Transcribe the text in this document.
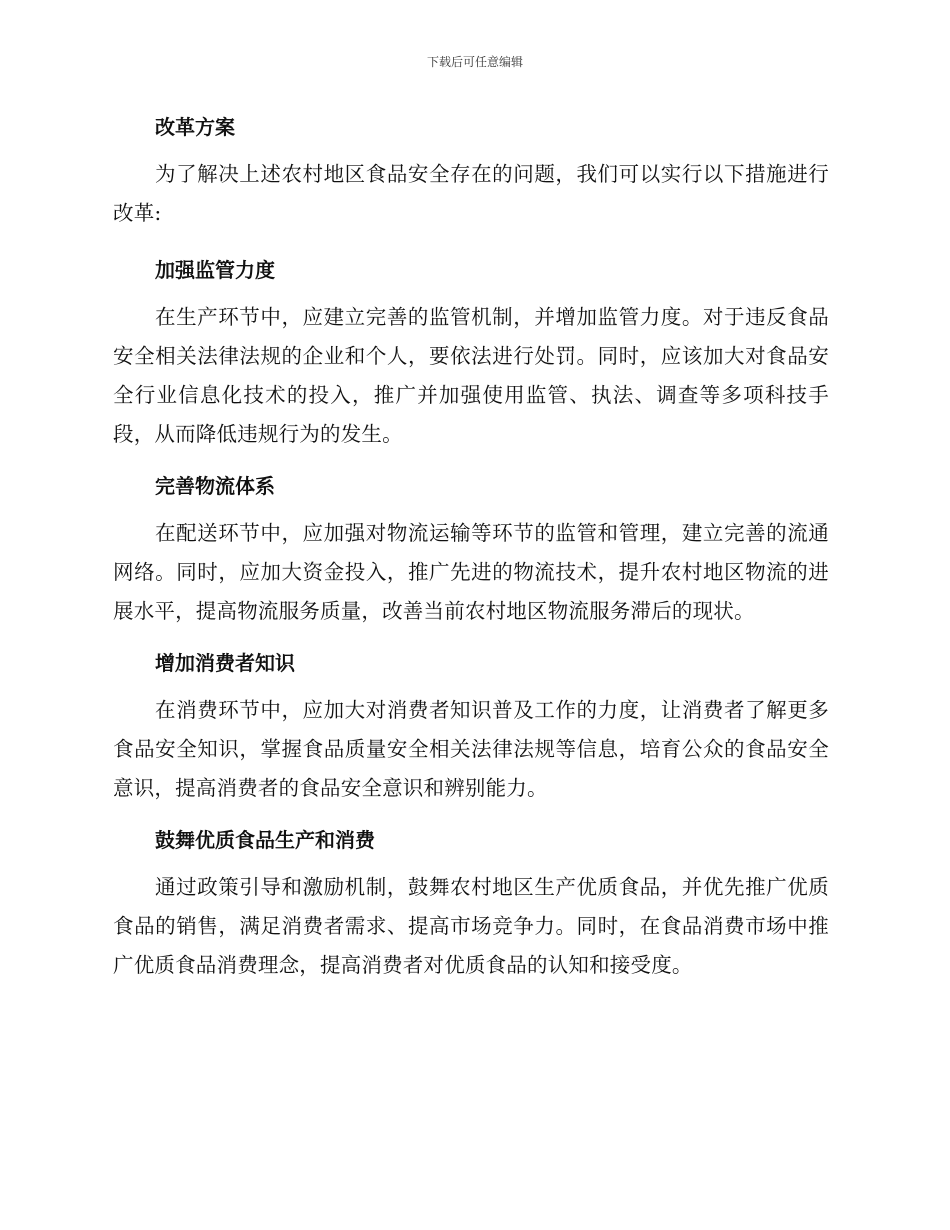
下载后可任意编辑
改革方案

为了解决上述农村地区食品安全存在的问题，我们可以实行以下措施进行改革:

加强监管力度

在生产环节中，应建立完善的监管机制，并增加监管力度。对于违反食品安全相关法律法规的企业和个人，要依法进行处罚。同时，应该加大对食品安全行业信息化技术的投入，推广并加强使用监管、执法、调查等多项科技手段，从而降低违规行为的发生。

完善物流体系

在配送环节中，应加强对物流运输等环节的监管和管理，建立完善的流通网络。同时，应加大资金投入，推广先进的物流技术，提升农村地区物流的进展水平，提高物流服务质量，改善当前农村地区物流服务滞后的现状。

增加消费者知识

在消费环节中，应加大对消费者知识普及工作的力度，让消费者了解更多食品安全知识，掌握食品质量安全相关法律法规等信息，培育公众的食品安全意识，提高消费者的食品安全意识和辨别能力。

鼓舞优质食品生产和消费

通过政策引导和激励机制，鼓舞农村地区生产优质食品，并优先推广优质食品的销售，满足消费者需求、提高市场竞争力。同时，在食品消费市场中推广优质食品消费理念，提高消费者对优质食品的认知和接受度。
